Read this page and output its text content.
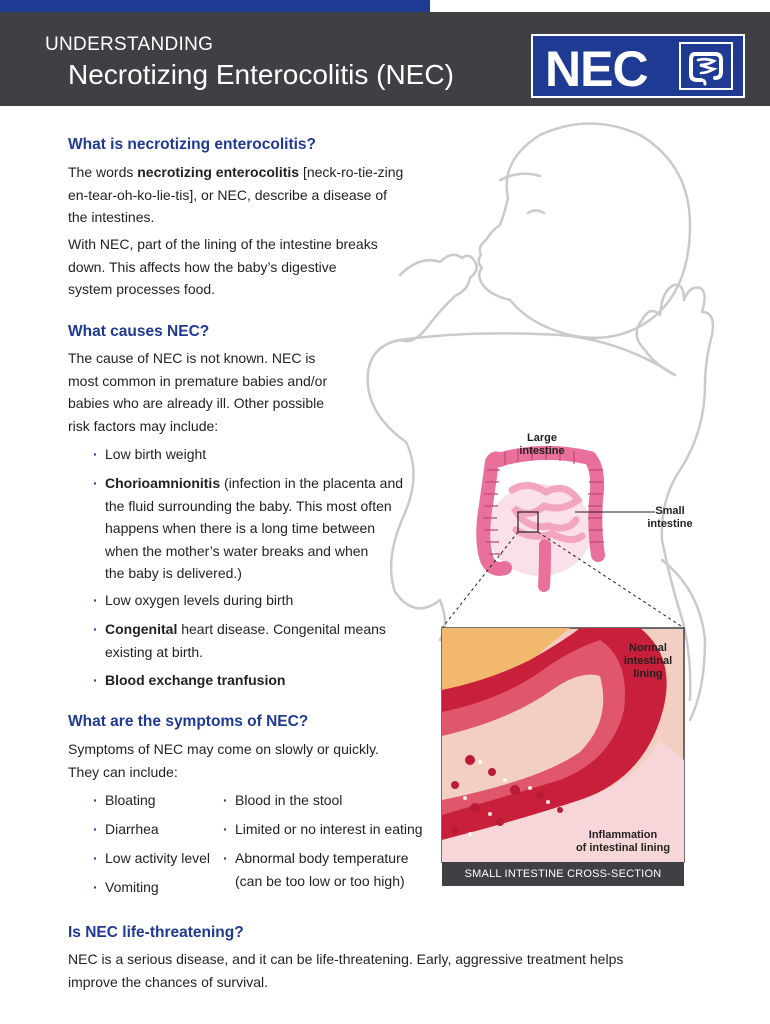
UNDERSTANDING
Necrotizing Enterocolitis (NEC) NEC
What is necrotizing enterocolitis?
The words necrotizing enterocolitis [neck-ro-tie-zing
en-tear-oh-ko-lie-tis], or NEC, describe a disease of
the intestines.
With NEC, part of the lining of the intestine breaks
down. This affects how the baby’s digestive
system processes food.
What causes NEC?
The cause of NEC is not known. NEC is
most common in premature babies and/or
babies who are already ill. Other possible
risk factors may include:
· Low birth weight
· Chorioamnionitis (infection in the placenta and
the fluid surrounding the baby. This most often
happens when there is a long time between
when the mother’s water breaks and when
the baby is delivered.)
· Low oxygen levels during birth
· Congenital heart disease. Congenital means
existing at birth.
· Blood exchange tranfusion
What are the symptoms of NEC?
Symptoms of NEC may come on slowly or quickly.
They can include:
· Bloating
· Diarrhea
· Low activity level
· Vomiting
· Blood in the stool
· Limited or no interest in eating
· Abnormal body temperature
(can be too low or too high)
Is NEC life-threatening?
NEC is a serious disease, and it can be life-threatening. Early, aggressive treatment helps
improve the chances of survival.
Large
intestine
Small
intestine
Normal
intestinal
lining
Inflammation
of intestinal lining
SMALL INTESTINE CROSS-SECTION
